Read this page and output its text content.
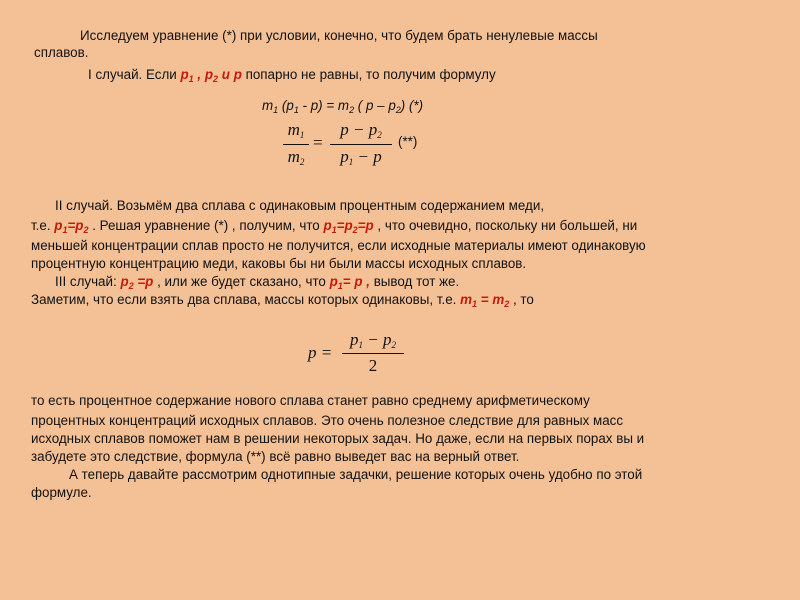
Исследуем уравнение (*) при условии, конечно, что будем брать ненулевые массы
сплавов.
I случай. Если $p_1$ , $p_2$ и p попарно не равны, то получим формулу
$m_1$ $(p_1 - p) = m_2$ ( p – $p_2$) (*)
$m_1$
$m_2$
=
$p - p_2$
$p_1 - p$
(**)
II случай. Возьмём два сплава с одинаковым процентным содержанием меди,
т.е. $p_1=p_2$ . Решая уравнение (*) , получим, что $p_1=p_2=p$ , что очевидно, поскольку ни большей, ни
меньшей концентрации сплав просто не получится, если исходные материалы имеют одинаковую
процентную концентрацию меди, каковы бы ни были массы исходных сплавов.
III случай: $p_2 =p$ , или же будет сказано, что $p_1= p$ , вывод тот же.
Заметим, что если взять два сплава, массы которых одинаковы, т.е. $m_1 = m_2$ , то
p =
$p_1 - p_2$
2
то есть процентное содержание нового сплава станет равно среднему арифметическому
процентных концентраций исходных сплавов. Это очень полезное следствие для равных масс
исходных сплавов поможет нам в решении некоторых задач. Но даже, если на первых порах вы и
забудете это следствие, формула (**) всё равно выведет вас на верный ответ.
А теперь давайте рассмотрим однотипные задачки, решение которых очень удобно по этой
формуле.
